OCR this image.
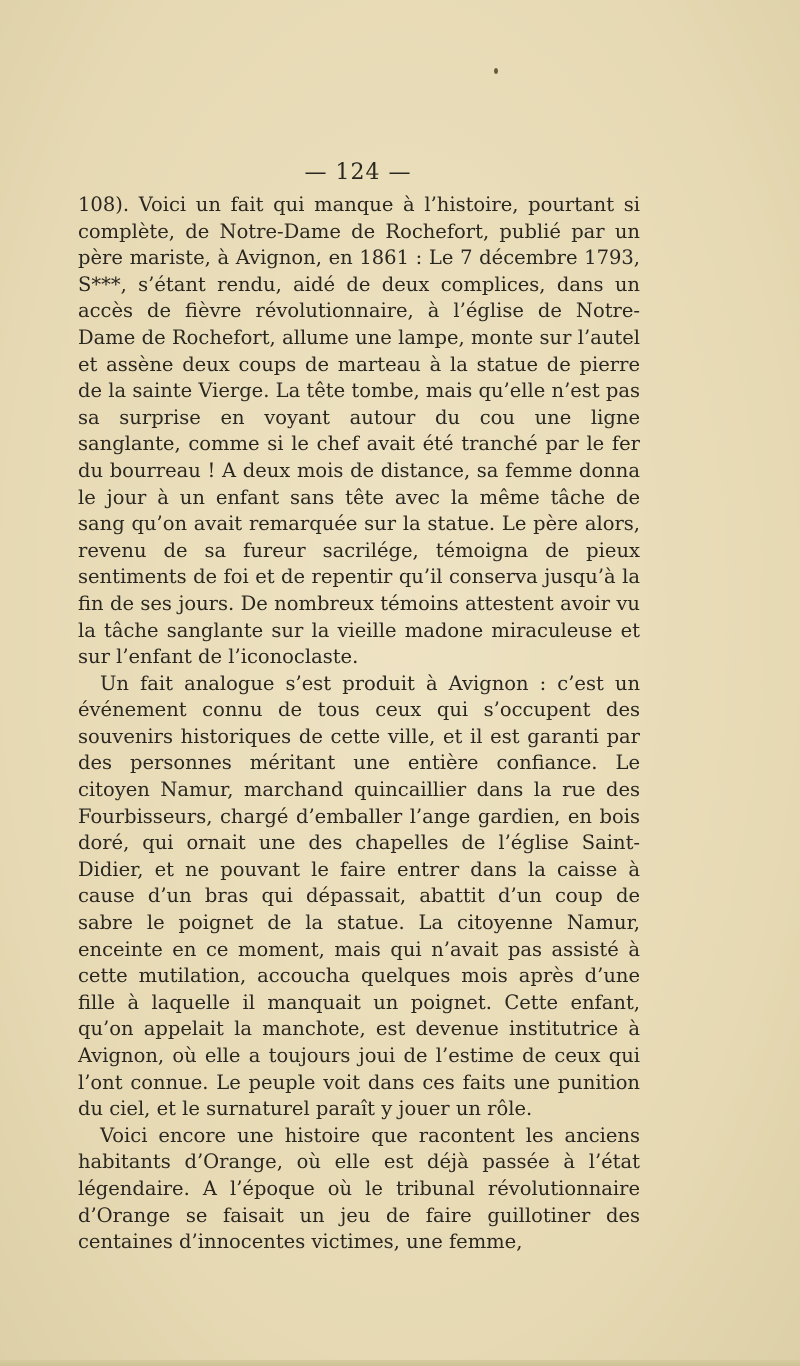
— 124 —

108). Voici un fait qui manque à l’histoire, pourtant si complète, de Notre-Dame de Rochefort, publié par un père mariste, à Avignon, en 1861 : Le 7 décembre 1793, S***, s’étant rendu, aidé de deux complices, dans un accès de fièvre révolutionnaire, à l’église de Notre-Dame de Rochefort, allume une lampe, monte sur l’autel et assène deux coups de marteau à la statue de pierre de la sainte Vierge. La tête tombe, mais qu’elle n’est pas sa surprise en voyant autour du cou une ligne sanglante, comme si le chef avait été tranché par le fer du bourreau ! A deux mois de distance, sa femme donna le jour à un enfant sans tête avec la même tâche de sang qu’on avait remarquée sur la statue. Le père alors, revenu de sa fureur sacrilége, témoigna de pieux sentiments de foi et de repentir qu’il conserva jusqu’à la fin de ses jours. De nombreux témoins attestent avoir vu la tâche sanglante sur la vieille madone miraculeuse et sur l’enfant de l’iconoclaste.

Un fait analogue s’est produit à Avignon : c’est un événement connu de tous ceux qui s’occupent des souvenirs historiques de cette ville, et il est garanti par des personnes méritant une entière confiance. Le citoyen Namur, marchand quincaillier dans la rue des Fourbisseurs, chargé d’emballer l’ange gardien, en bois doré, qui ornait une des chapelles de l’église Saint-Didier, et ne pouvant le faire entrer dans la caisse à cause d’un bras qui dépassait, abattit d’un coup de sabre le poignet de la statue. La citoyenne Namur, enceinte en ce moment, mais qui n’avait pas assisté à cette mutilation, accoucha quelques mois après d’une fille à laquelle il manquait un poignet. Cette enfant, qu’on appelait la manchote, est devenue institutrice à Avignon, où elle a toujours joui de l’estime de ceux qui l’ont connue. Le peuple voit dans ces faits une punition du ciel, et le surnaturel paraît y jouer un rôle.

Voici encore une histoire que racontent les anciens habitants d’Orange, où elle est déjà passée à l’état légendaire. A l’époque où le tribunal révolutionnaire d’Orange se faisait un jeu de faire guillotiner des centaines d’innocentes victimes, une femme,
